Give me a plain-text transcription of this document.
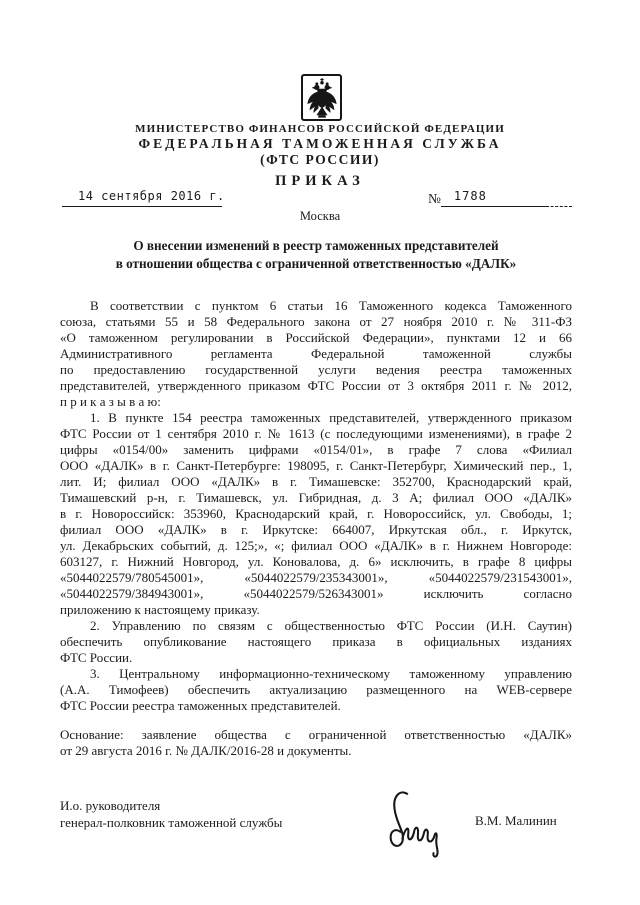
МИНИСТЕРСТВО ФИНАНСОВ РОССИЙСКОЙ ФЕДЕРАЦИИ
ФЕДЕРАЛЬНАЯ ТАМОЖЕННАЯ СЛУЖБА
(ФТС РОССИИ)
ПРИКАЗ
14 сентября 2016 г.	№ 1788
Москва
О внесении изменений в реестр таможенных представителей
в отношении общества с ограниченной ответственностью «ДАЛК»
В соответствии с пунктом 6 статьи 16 Таможенного кодекса Таможенного
союза, статьями 55 и 58 Федерального закона от 27 ноября 2010 г. № 311-ФЗ
«О таможенном регулировании в Российской Федерации», пунктами 12 и 66
Административного регламента Федеральной таможенной службы
по предоставлению государственной услуги ведения реестра таможенных
представителей, утвержденного приказом ФТС России от 3 октября 2011 г. № 2012,
п р и к а з ы в а ю:
1. В пункте 154 реестра таможенных представителей, утвержденного приказом
ФТС России от 1 сентября 2010 г. № 1613 (с последующими изменениями), в графе 2
цифры «0154/00» заменить цифрами «0154/01», в графе 7 слова «Филиал
ООО «ДАЛК» в г. Санкт-Петербурге: 198095, г. Санкт-Петербург, Химический пер., 1,
лит. И; филиал ООО «ДАЛК» в г. Тимашевске: 352700, Краснодарский край,
Тимашевский р-н, г. Тимашевск, ул. Гибридная, д. 3 А; филиал ООО «ДАЛК»
в г. Новороссийск: 353960, Краснодарский край, г. Новороссийск, ул. Свободы, 1;
филиал ООО «ДАЛК» в г. Иркутске: 664007, Иркутская обл., г. Иркутск,
ул. Декабрьских событий, д. 125;», «; филиал ООО «ДАЛК» в г. Нижнем Новгороде:
603127, г. Нижний Новгород, ул. Коновалова, д. 6» исключить, в графе 8 цифры
«5044022579/780545001», «5044022579/235343001», «5044022579/231543001»,
«5044022579/384943001», «5044022579/526343001» исключить согласно
приложению к настоящему приказу.
2. Управлению по связям с общественностью ФТС России (И.Н. Саутин)
обеспечить опубликование настоящего приказа в официальных изданиях
ФТС России.
3. Центральному информационно-техническому таможенному управлению
(А.А. Тимофеев) обеспечить актуализацию размещенного на WEB-сервере
ФТС России реестра таможенных представителей.
Основание: заявление общества с ограниченной ответственностью «ДАЛК»
от 29 августа 2016 г. № ДАЛК/2016-28 и документы.
И.о. руководителя
генерал-полковник таможенной службы	В.М. Малинин
